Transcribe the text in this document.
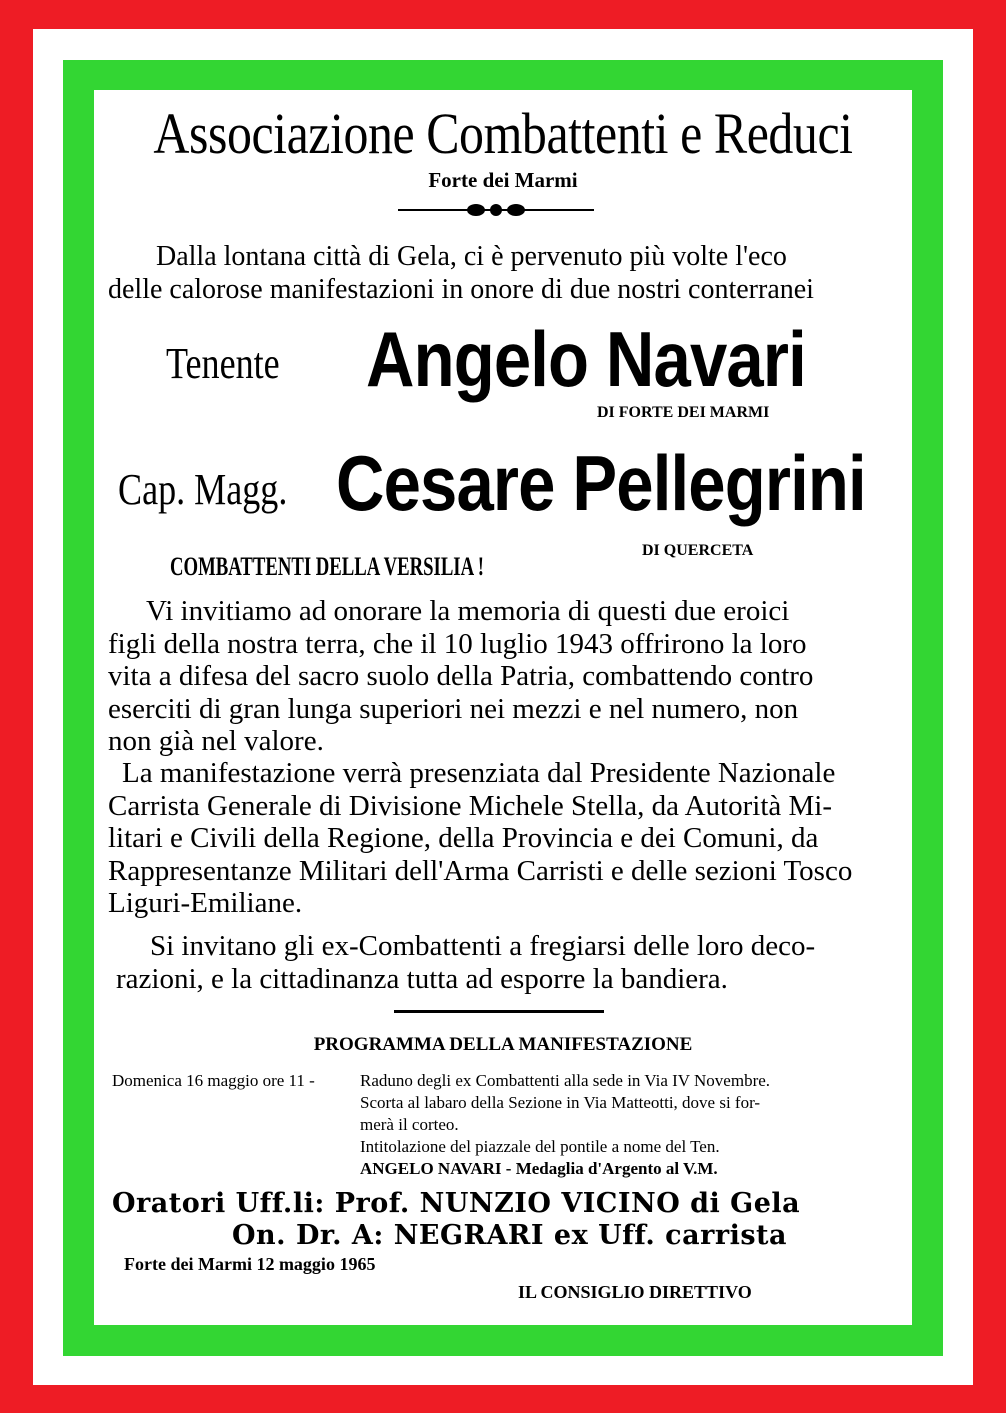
Associazione Combattenti e Reduci
Forte dei Marmi
Dalla lontana città di Gela, ci è pervenuto più volte l'eco
delle calorose manifestazioni in onore di due nostri conterranei
Tenente Angelo Navari
DI FORTE DEI MARMI
Cap. Magg. Cesare Pellegrini
DI QUERCETA
COMBATTENTI DELLA VERSILIA !

Vi invitiamo ad onorare la memoria di questi due eroici

figli della nostra terra, che il 10 luglio 1943 offrirono la loro

vita a difesa del sacro suolo della Patria, combattendo contro

eserciti di gran lunga superiori nei mezzi e nel numero, non

non già nel valore.

La manifestazione verrà presenziata dal Presidente Nazionale

Carrista Generale di Divisione Michele Stella, da Autorità Mi-

litari e Civili della Regione, della Provincia e dei Comuni, da

Rappresentanze Militari dell'Arma Carristi e delle sezioni Tosco

Liguri-Emiliane.

Si invitano gli ex-Combattenti a fregiarsi delle loro deco-

razioni, e la cittadinanza tutta ad esporre la bandiera.

PROGRAMMA DELLA MANIFESTAZIONE
Domenica 16 maggio ore 11 -	Raduno degli ex Combattenti alla sede in Via IV Novembre.
Scorta al labaro della Sezione in Via Matteotti, dove si for-
merà il corteo.
Intitolazione del piazzale del pontile a nome del Ten.
ANGELO NAVARI - Medaglia d'Argento al V.M.
Oratori Uff.li: Prof. NUNZIO VICINO di Gela
On. Dr. A: NEGRARI ex Uff. carrista
Forte dei Marmi 12 maggio 1965
IL CONSIGLIO DIRETTIVO
